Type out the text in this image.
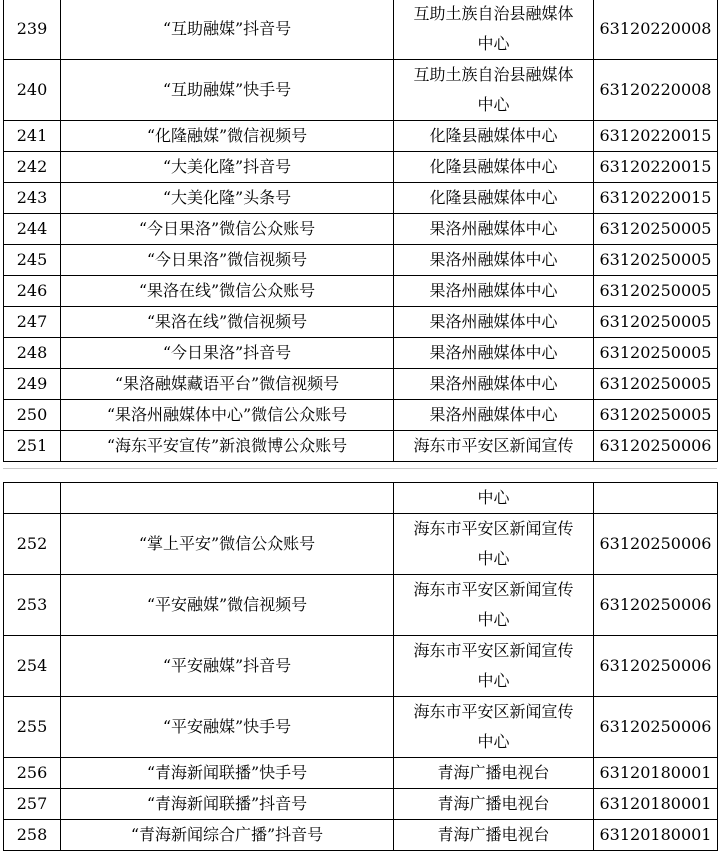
239	“互助融媒”抖音号	互助土族自治县融媒体
中心	63120220008
240	“互助融媒”快手号	互助土族自治县融媒体
中心	63120220008
241	“化隆融媒”微信视频号	化隆县融媒体中心	63120220015
242	“大美化隆”抖音号	化隆县融媒体中心	63120220015
243	“大美化隆”头条号	化隆县融媒体中心	63120220015
244	“今日果洛”微信公众账号	果洛州融媒体中心	63120250005
245	“今日果洛”微信视频号	果洛州融媒体中心	63120250005
246	“果洛在线”微信公众账号	果洛州融媒体中心	63120250005
247	“果洛在线”微信视频号	果洛州融媒体中心	63120250005
248	“今日果洛”抖音号	果洛州融媒体中心	63120250005
249	“果洛融媒藏语平台”微信视频号	果洛州融媒体中心	63120250005
250	“果洛州融媒体中心”微信公众账号	果洛州融媒体中心	63120250005
251	“海东平安宣传”新浪微博公众账号	海东市平安区新闻宣传	63120250006

		中心	

252	“掌上平安”微信公众账号	海东市平安区新闻宣传
中心	63120250006
253	“平安融媒”微信视频号	海东市平安区新闻宣传
中心	63120250006
254	“平安融媒”抖音号	海东市平安区新闻宣传
中心	63120250006
255	“平安融媒”快手号	海东市平安区新闻宣传
中心	63120250006
256	“青海新闻联播”快手号	青海广播电视台	63120180001
257	“青海新闻联播”抖音号	青海广播电视台	63120180001
258	“青海新闻综合广播”抖音号	青海广播电视台	63120180001
